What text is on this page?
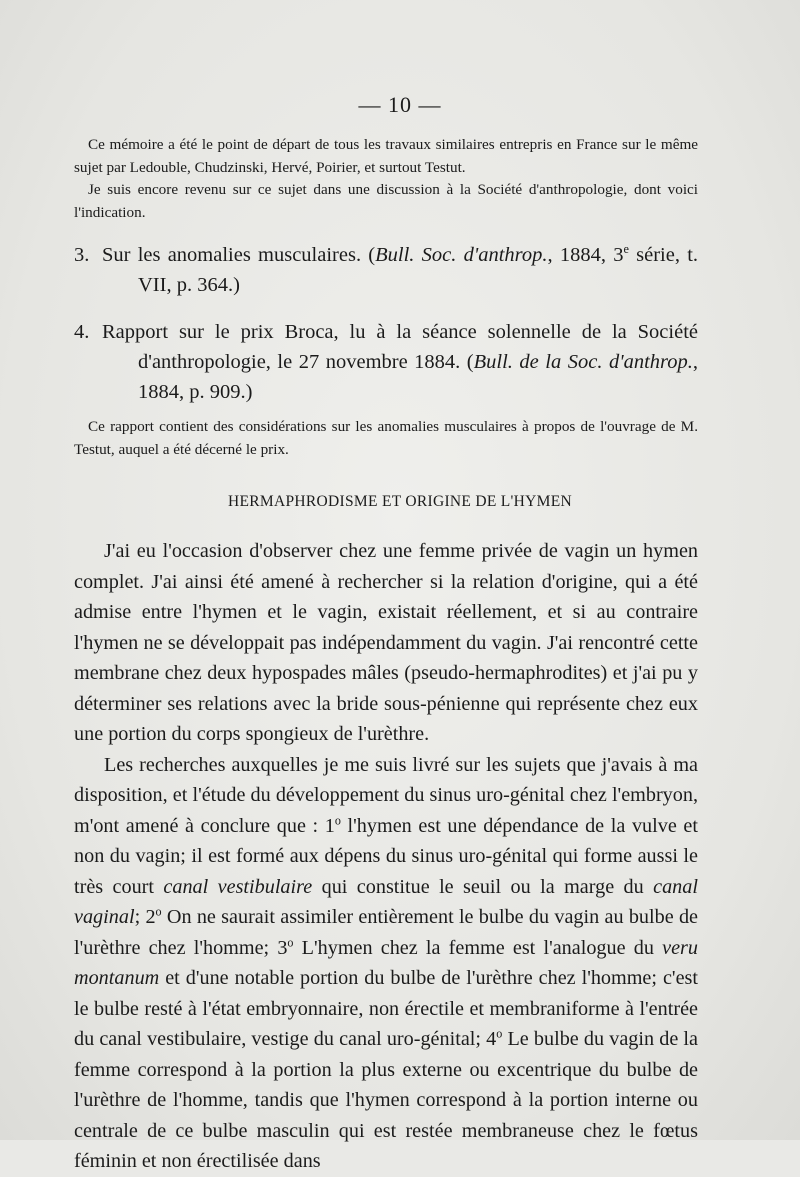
— 10 —

Ce mémoire a été le point de départ de tous les travaux similaires entrepris en France sur le même sujet par Ledouble, Chudzinski, Hervé, Poirier, et surtout Testut.

Je suis encore revenu sur ce sujet dans une discussion à la Société d'anthropologie, dont voici l'indication.

3. Sur les anomalies musculaires. (Bull. Soc. d'anthrop., 1884, 3e série, t. VII, p. 364.)

4. Rapport sur le prix Broca, lu à la séance solennelle de la Société d'anthropologie, le 27 novembre 1884. (Bull. de la Soc. d'anthrop., 1884, p. 909.)

Ce rapport contient des considérations sur les anomalies musculaires à propos de l'ouvrage de M. Testut, auquel a été décerné le prix.

HERMAPHRODISME ET ORIGINE DE L'HYMEN

J'ai eu l'occasion d'observer chez une femme privée de vagin un hymen complet. J'ai ainsi été amené à rechercher si la relation d'origine, qui a été admise entre l'hymen et le vagin, existait réellement, et si au contraire l'hymen ne se développait pas indépendamment du vagin. J'ai rencontré cette membrane chez deux hypospades mâles (pseudo-hermaphrodites) et j'ai pu y déterminer ses relations avec la bride sous-pénienne qui représente chez eux une portion du corps spongieux de l'urèthre.

Les recherches auxquelles je me suis livré sur les sujets que j'avais à ma disposition, et l'étude du développement du sinus uro-génital chez l'embryon, m'ont amené à conclure que : 1$^o$ l'hymen est une dépendance de la vulve et non du vagin; il est formé aux dépens du sinus uro-génital qui forme aussi le très court canal vestibulaire qui constitue le seuil ou la marge du canal vaginal; 2$^o$ On ne saurait assimiler entièrement le bulbe du vagin au bulbe de l'urèthre chez l'homme; 3$^o$ L'hymen chez la femme est l'analogue du veru montanum et d'une notable portion du bulbe de l'urèthre chez l'homme; c'est le bulbe resté à l'état embryonnaire, non érectile et membraniforme à l'entrée du canal vestibulaire, vestige du canal uro-génital; 4$^o$ Le bulbe du vagin de la femme correspond à la portion la plus externe ou excentrique du bulbe de l'urèthre de l'homme, tandis que l'hymen correspond à la portion interne ou centrale de ce bulbe masculin qui est restée membraneuse chez le fœtus féminin et non érectilisée dans
